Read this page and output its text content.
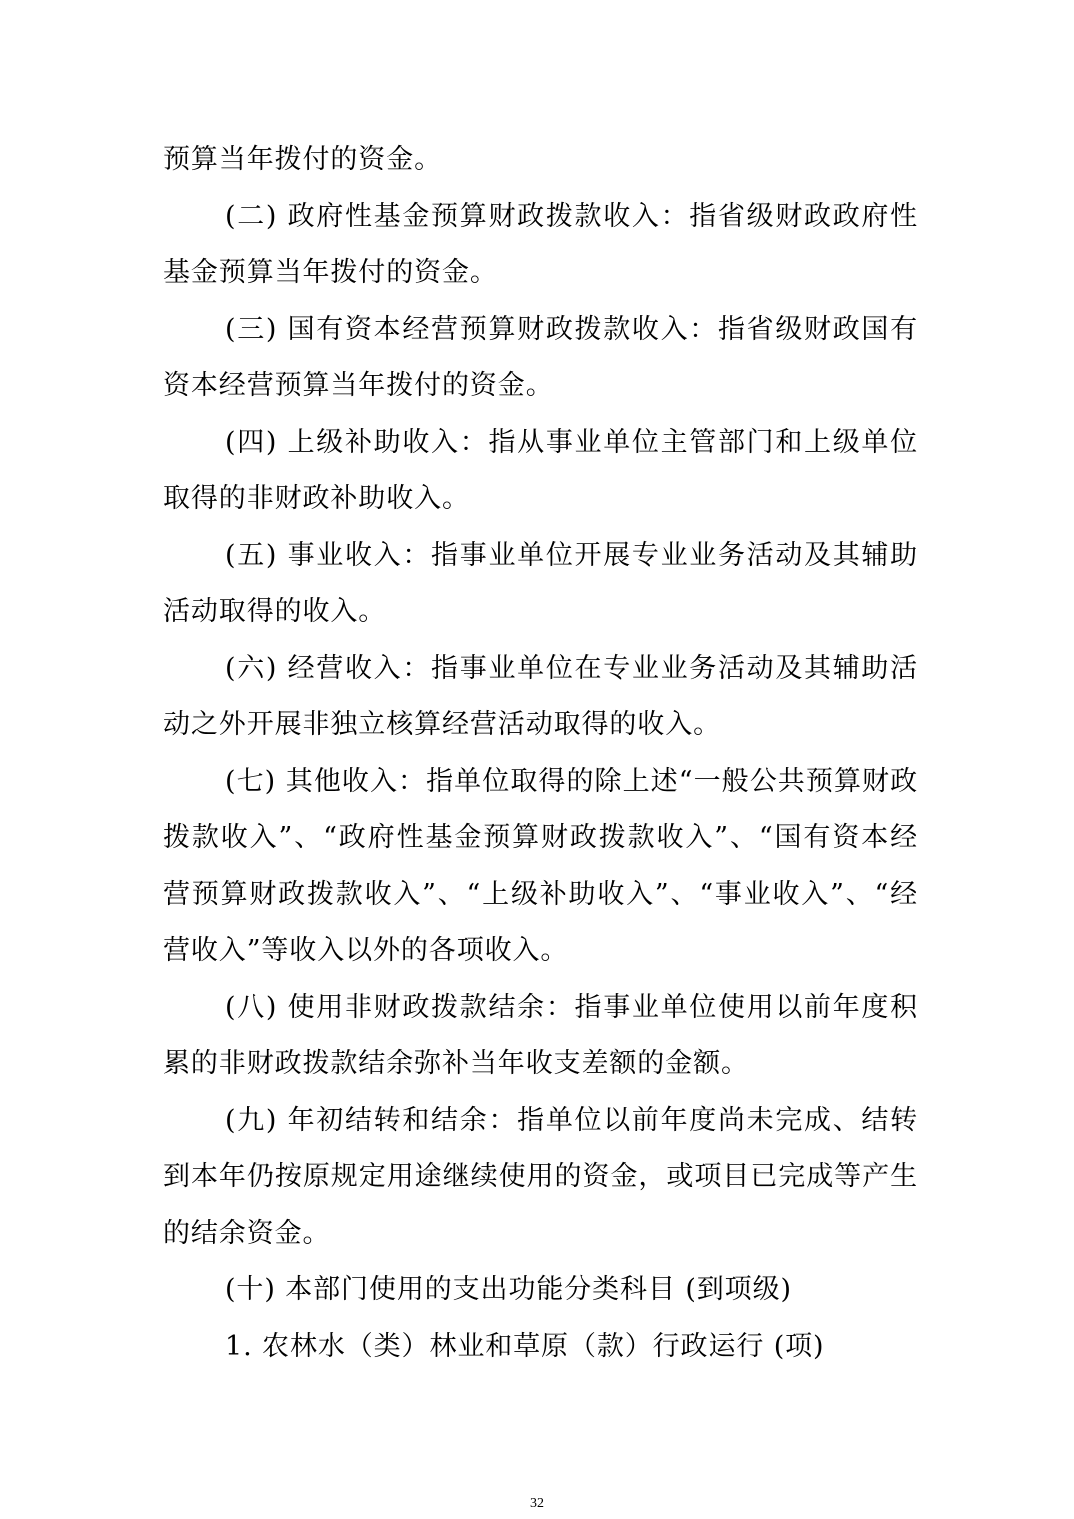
预算当年拨付的资金。

(二) 政府性基金预算财政拨款收入：指省级财政政府性基金预算当年拨付的资金。

(三) 国有资本经营预算财政拨款收入：指省级财政国有资本经营预算当年拨付的资金。

(四) 上级补助收入：指从事业单位主管部门和上级单位取得的非财政补助收入。

(五) 事业收入：指事业单位开展专业业务活动及其辅助活动取得的收入。

(六) 经营收入：指事业单位在专业业务活动及其辅助活动之外开展非独立核算经营活动取得的收入。

(七) 其他收入：指单位取得的除上述“一般公共预算财政拨款收入”、“政府性基金预算财政拨款收入”、“国有资本经营预算财政拨款收入”、“上级补助收入”、“事业收入”、“经营收入”等收入以外的各项收入。

(八) 使用非财政拨款结余：指事业单位使用以前年度积累的非财政拨款结余弥补当年收支差额的金额。

(九) 年初结转和结余：指单位以前年度尚未完成、结转到本年仍按原规定用途继续使用的资金，或项目已完成等产生的结余资金。

(十) 本部门使用的支出功能分类科目 (到项级)

1. 农林水（类）林业和草原（款）行政运行 (项)

32
